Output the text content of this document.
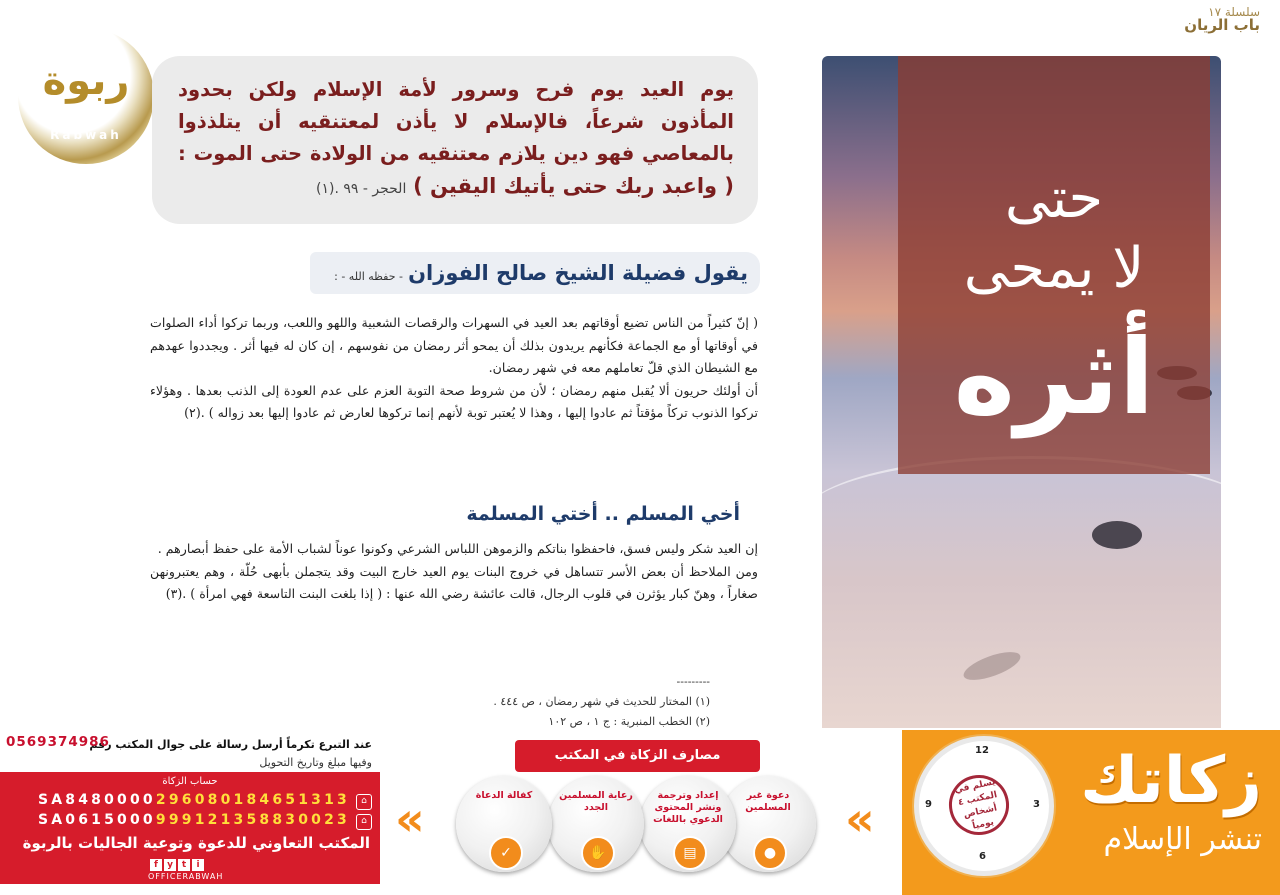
سلسلة ١٧
باب الريان
حتى
لا يمحى
أثره
ربوة
Rabwah
يوم العيد يوم فرح وسرور لأمة الإسلام ولكن بحدود المأذون شرعاً، فالإسلام لا يأذن لمعتنقيه أن يتلذذوا بالمعاصي فهو دين يلازم معتنقيه من الولادة حتى الموت : ( واعبد ربك حتى يأتيك اليقين ) الحجر - ٩٩ .(١)
يقول فضيلة الشيخ صالح الفوزان - حفظه الله - :

( إنّ كثيراً من الناس تضيع أوقاتهم بعد العيد في السهرات والرقصات الشعبية واللهو واللعب، وربما تركوا أداء الصلوات في أوقاتها أو مع الجماعة فكأنهم يريدون بذلك أن يمحو أثر رمضان من نفوسهم ، إن كان له فيها أثر . ويجددوا عهدهم مع الشيطان الذي قلّ تعاملهم معه في شهر رمضان.

أن أولئك حريون ألا يُقبل منهم رمضان ؛ لأن من شروط صحة التوبة العزم على عدم العودة إلى الذنب بعدها . وهؤلاء تركوا الذنوب تركاً مؤقتاً ثم عادوا إليها ، وهذا لا يُعتبر توبة لأنهم إنما تركوها لعارض ثم عادوا إليها بعد زواله ) .(٢)

أخي المسلم .. أختي المسلمة

إن العيد شكر وليس فسق، فاحفظوا بناتكم والزموهن اللباس الشرعي وكونوا عوناً لشباب الأمة على حفظ أبصارهم .

ومن الملاحظ أن بعض الأسر تتساهل في خروج البنات يوم العيد خارج البيت وقد يتجملن بأبهى حُلّة ، وهم يعتبرونهن صغاراً ، وهنّ كبار يؤثرن في قلوب الرجال، قالت عائشة رضي الله عنها : ( إذا بلغت البنت التاسعة فهي امرأة ) .(٣)

---------
(١) المختار للحديث في شهر رمضان ، ص ٤٤٤ .
(٢) الخطب المنبرية : ج ١ ، ص ١٠٢
عند التبرع تكرماً أرسل رسالة على جوال المكتب رقم
0569374986
وفيها مبلغ وتاريخ التحويل
حساب الزكاة
⌂
SA8480000296080184651313
⌂
SA0615000999121358830023
المكتب التعاوني للدعوة وتوعية الجاليات بالربوة
f y t i
OFFICERABWAH
مصارف الزكاة في المكتب
«
دعوة غير المسلمين
●
إعداد وترجمة ونشر المحتوى الدعوي باللغات
▤
رعاية المسلمين الجدد
✋
كفالة الدعاة
✓
«
12
3
6
9
يسلم في المكتب ٤ أشخاص يومياً
زكاتك
تنشر الإسلام
